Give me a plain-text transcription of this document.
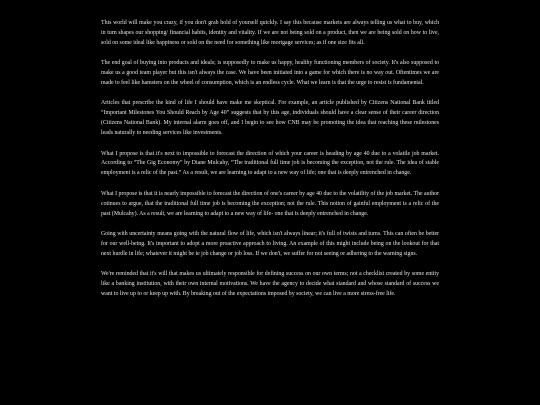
This world will make you crazy, if you don't grab hold of yourself quickly. I say this because markets are always telling us what to buy, which in turn shapes our shopping/ financial habits, identity and vitality. If we are not being sold on a product, then we are being sold on how to live, sold on some ideal like happiness or sold on the need for something like mortgage services; as if one size fits all.

The end goal of buying into products and ideals; is supposedly to make us happy, healthy functioning members of society. It's also supposed to make us a good team player but this isn't always the case. We have been initiated into a game for which there is no way out. Oftentimes we are made to feel like hamsters on the wheel of consumption, which is an endless cycle. What we learn is that the urge to resist is fundamental.

Articles that prescribe the kind of life I should have make me skeptical. For example, an article published by Citizens National Bank titled “Important Milestones You Should Reach by Age 40” suggests that by this age, individuals should have a clear sense of their career direction (Citizens National Bank). My internal alarm goes off, and I begin to see how CNB may be promoting the idea that reaching these milestones leads naturally to needing services like investments.

What I propose is that it's next to impossible to forecast the direction of which your career is heading by age 40 due to a volatile job market. According to “The Gig Economy” by Diane Mulcahy, “The traditional full time job is becoming the exception, not the rule. The idea of stable employment is a relic of the past.” As a result, we are learning to adapt to a new way of life; one that is deeply entrenched in change.

What I propose is that it is nearly impossible to forecast the direction of one's career by age 40 due to the volatility of the job market. The author cotinues to argue, that the traditional full time job is becoming the exception; not the rule. This notion of gainful employment is a relic of the past (Mulcahy). As a result, we are learning to adapt to a new way of life- one that is deeply entrenched in change.

Going with uncertainty means going with the natural flow of life, which isn't always linear; it's full of twists and turns. This can often be better for our well-being. It's important to adopt a more proactive approach to living. An example of this might include being on the lookout for that next hurdle in life; whatever it might be ie job change or job loss. If we don't, we suffer for not seeing or adhering to the warning signs.

We're reminded that it's will that makes us ultimately responsible for defining success on our own terms; not a checklist created by some entity like a banking institution, with their own internal motivations. We have the agency to decide what standard and whose standard of success we want to live up to or keep up with. By breaking out of the expectations imposed by society, we can live a more stress-free life.
